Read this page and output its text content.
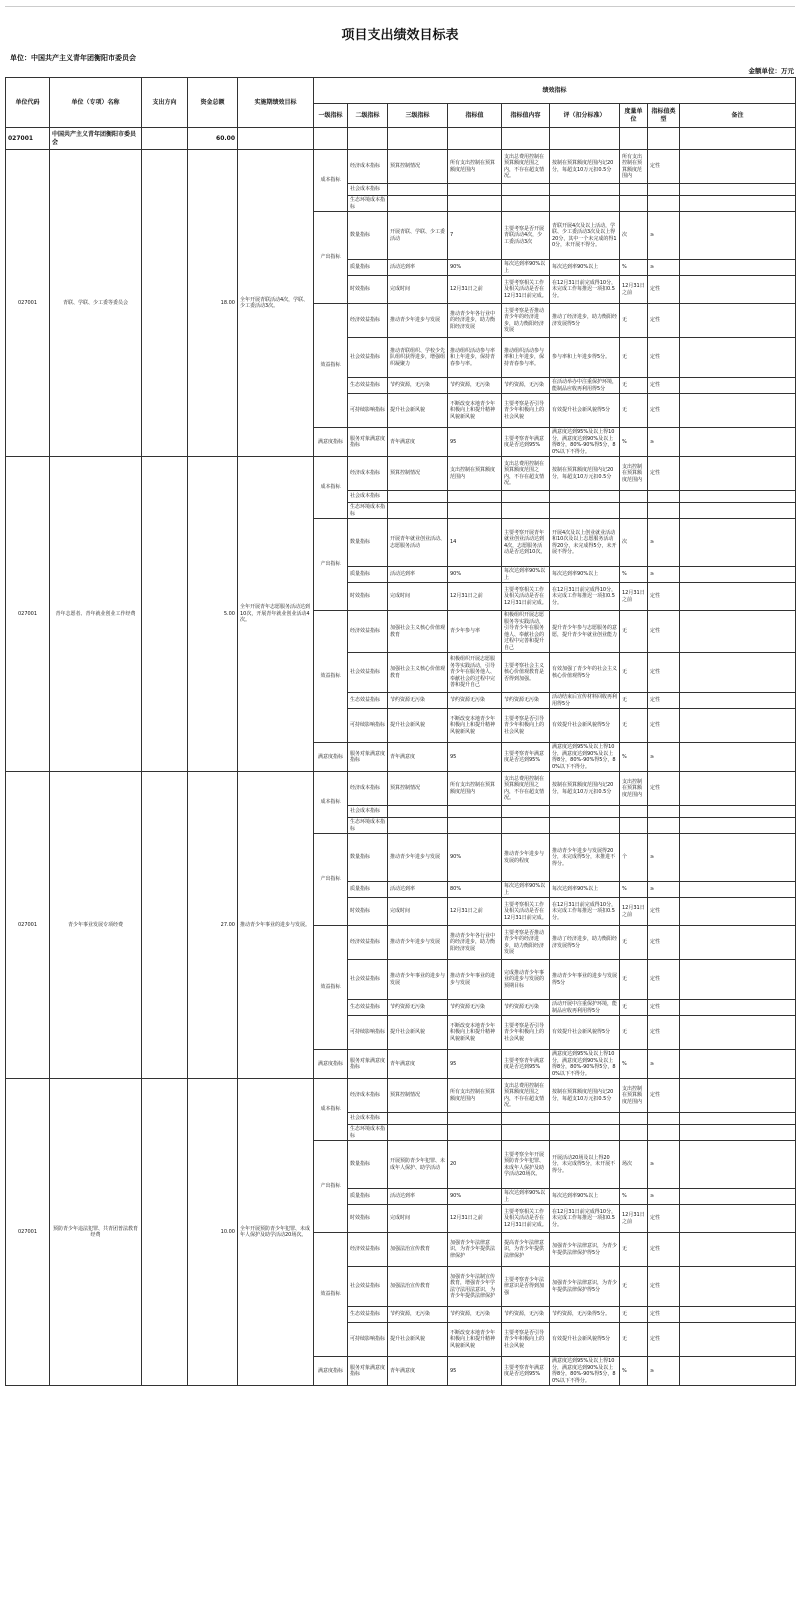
项目支出绩效目标表
单位：中国共产主义青年团衡阳市委员会
金额单位：万元
单位代码	单位（专项）名称	支出方向	资金总额	实施期绩效目标	绩效指标								
					一级指标	二级指标	三级指标	指标值	指标值内容	评（扣分标准）	度量单位	指标值类型	备注
027001	中国共产主义青年团衡阳市委员会		60.00										
027001	青联、学联、少工委等委员会		18.00	全年开展青联活动4次，学联、少工委活动3次。	成本指标	经济成本指标	预算控制情况	所有支出控制在预算额度范围内	支出总费用控制在预算额度范围之内，不存在超支情况。	按制在预算额度范围内记20分，每超支10万元扣0.5分	所有支出控制在预算额度范围内	定性	
						社会成本指标							
						生态环境成本指标							
					产出指标	数量指标	开展青联、学联、少工委活动	7	主要考察是否开展青联活动4次，少工委活动3次	青联开展4次及以上活动，学联、少工委活动3次及以上得20分，其中一个未完成的得10分，未开展不得分。	次	≥	
						质量指标	活动达到率	90%	每次达到率90%以上	每次达到率90%以上	%	≥	
						时效指标	完成时间	12月31日之前	主要考察相关工作及相关活动是否在12月31日前完成。	在12月31日前完成得10分，未完成工作每推迟一项扣0.5分。	12月31日之前	定性	
					效益指标	经济效益指标	推动青少年进步与发展	推动青少年各行业中的经济进步，助力衡阳经济发展	主要考察是否推动青少年的经济进步，助力衡阳经济发展	推动了经济进步，助力衡阳经济发展得5分	无	定性	
						社会效益指标	推动青联组织、学校少先队组织获得进步，增强组织凝聚力	推动组织活动参与率和上年进步，保持青春参与率。	推动组织活动参与率和上年进步，保持青春参与率。	参与率和上年进步得5分。	无	定性	
						生态效益指标	节约资源，无污染	节约资源，无污染	节约资源，无污染	在活动举办中注重保护环境，能制品应收再利用得5分	无	定性	
						可持续影响指标	提升社会新风貌	不断改变本地青少年积极向上和提升精神风貌新风貌	主要考察是否引导青少年积极向上的社会风貌	有效提升社会新风貌得5分	无	定性	
					满意度指标	服务对象满意度指标	青年满意度	95	主要考察青年满意度是否达到95%	满意度达到95%及以上得10分，满意度达到90%及以上得8分，80%-90%得5分，80%以下不得分。	%	≥	
027001	青年志愿者、青年就业创业工作经费		5.00	全年开展青年志愿服务活动达到10次，开展青年就业创业活动4次。	成本指标	经济成本指标	预算控制情况	支出控制在预算额度范围内	支出总费用控制在预算额度范围之内，不存在超支情况。	按制在预算额度范围内记20分，每超支10万元扣0.5分	支出控制在预算额度范围内	定性	
						社会成本指标							
						生态环境成本指标							
					产出指标	数量指标	开展青年就业创业活动、志愿服务活动	14	主要考察开展青年就业创业活动达到4次，志愿服务活动是否达到10次。	开展4次及以上创业就业活动和10次及以上志愿服务活动得20分，未完成得5分，未开展不得分。	次	≥	
						质量指标	活动达到率	90%	每次达到率90%以上	每次达到率90%以上	%	≥	
						时效指标	完成时间	12月31日之前	主要考察相关工作及相关活动是否在12月31日前完成。	在12月31日前完成得10分，未完成工作每推迟一项扣0.5分。	12月31日之前	定性	
					效益指标	经济效益指标	加强社会主义核心价值观教育	青少年参与率	积极组织开展志愿服务等实践活动，引导青少年在服务他人、奉献社会的过程中完善和提升自己	提升青少年参与志愿服务的意愿，提升青少年就业创业能力	无	定性	
						社会效益指标	加强社会主义核心价值观教育	积极组织开展志愿服务等实践活动，引导青少年在服务他人、奉献社会的过程中完善和提升自己	主要考察社会主义核心价值观教育是否得到加强。	有效加强了青少年的社会主义核心价值观得5分	无	定性	
						生态效益指标	节约资源无污染	节约资源无污染	节约资源无污染	活动结束后宣传材料回收再利用得5分	无	定性	
						可持续影响指标	提升社会新风貌	不断改变本地青少年积极向上和提升精神风貌新风貌	主要考察是否引导青少年积极向上的社会风貌	有效提升社会新风貌得5分	无	定性	
					满意度指标	服务对象满意度指标	青年满意度	95	主要考察青年满意度是否达到95%	满意度达到95%及以上得10分，满意度达到90%及以上得8分，80%-90%得5分，80%以下不得分。	%	≥	
027001	青少年事业发展专项经费		27.00	推动青少年事业的进步与发展。	成本指标	经济成本指标	预算控制情况	所有支出控制在预算额度范围内	支出总费用控制在预算额度范围之内，不存在超支情况。	按制在预算额度范围内记20分，每超支10万元扣0.5分	支出控制在预算额度范围内	定性	
						社会成本指标							
						生态环境成本指标							
					产出指标	数量指标	推动青少年进步与发展	90%	推动青少年进步与发展的程度	推动青少年进步与发展得20分，未完成得5分，未推进不得分。	个	≥	
						质量指标	活动达到率	80%	每次达到率90%以上	每次达到率90%以上	%	≥	
						时效指标	完成时间	12月31日之前	主要考察相关工作及相关活动是否在12月31日前完成。	在12月31日前完成得10分，未完成工作每推迟一项扣0.5分。	12月31日之前	定性	
					效益指标	经济效益指标	推动青少年进步与发展	推动青少年各行业中的经济进步，助力衡阳经济发展	主要考察是否推动青少年的经济进步，助力衡阳经济发展	推动了经济进步，助力衡阳经济发展得5分	无	定性	
						社会效益指标	推动青少年事业的进步与发展	推动青少年事业的进步与发展	完成推动青少年事业的进步与发展的预期目标	推动青少年事业的进步与发展得5分	无	定性	
						生态效益指标	节约资源无污染	节约资源无污染	节约资源无污染	活动开展中注重保护环境，能制品应收再利用得5分	无	定性	
						可持续影响指标	提升社会新风貌	不断改变本地青少年积极向上和提升精神风貌新风貌	主要考察是否引导青少年积极向上的社会风貌	有效提升社会新风貌得5分	无	定性	
					满意度指标	服务对象满意度指标	青年满意度	95	主要考察青年满意度是否达到95%	满意度达到95%及以上得10分，满意度达到90%及以上得8分，80%-90%得5分，80%以下不得分。	%	≥	
027001	预防青少年违法犯罪、共青团普法教育经费		10.00	全年开展预防青少年犯罪、未成年人保护及助学活动20场次。	成本指标	经济成本指标	预算控制情况	所有支出控制在预算额度范围内	支出总费用控制在预算额度范围之内，不存在超支情况。	按制在预算额度范围内记20分，每超支10万元扣0.5分	支出控制在预算额度范围内	定性	
						社会成本指标							
						生态环境成本指标							
					产出指标	数量指标	开展预防青少年犯罪、未成年人保护、助学活动	20	主要考察全年开展预防青少年犯罪、未成年人保护及助学活动20场次。	开展活动20场及以上得20分，未完成得5分，未开展不得分。	场次	≥	
						质量指标	活动达到率	90%	每次达到率90%以上	每次达到率90%以上	%	≥	
						时效指标	完成时间	12月31日之前	主要考察相关工作及相关活动是否在12月31日前完成。	在12月31日前完成得10分，未完成工作每推迟一项扣0.5分。	12月31日之前	定性	
					效益指标	经济效益指标	加强法治宣传教育	加强青少年法律意识，为青少年提供法律保护	提高青少年法律意识，为青少年提供法律保护	加强青少年法律意识，为青少年提供法律保护得5分	无	定性	
						社会效益指标	加强法治宣传教育	加强青少年法制宣传教育，增强青少年学法守法用法意识，为青少年提供法律保护	主要考察青少年法律意识是否得到加强	加强青少年法律意识，为青少年提供法律保护得5分	无	定性	
						生态效益指标	节约资源，无污染	节约资源，无污染	节约资源，无污染	节约资源，无污染得5分。	无	定性	
						可持续影响指标	提升社会新风貌	不断改变本地青少年积极向上和提升精神风貌新风貌	主要考察是否引导青少年积极向上的社会风貌	有效提升社会新风貌得5分	无	定性	
					满意度指标	服务对象满意度指标	青年满意度	95	主要考察青年满意度是否达到95%	满意度达到95%及以上得10分，满意度达到90%及以上得8分，80%-90%得5分，80%以下不得分。	%	≥	
